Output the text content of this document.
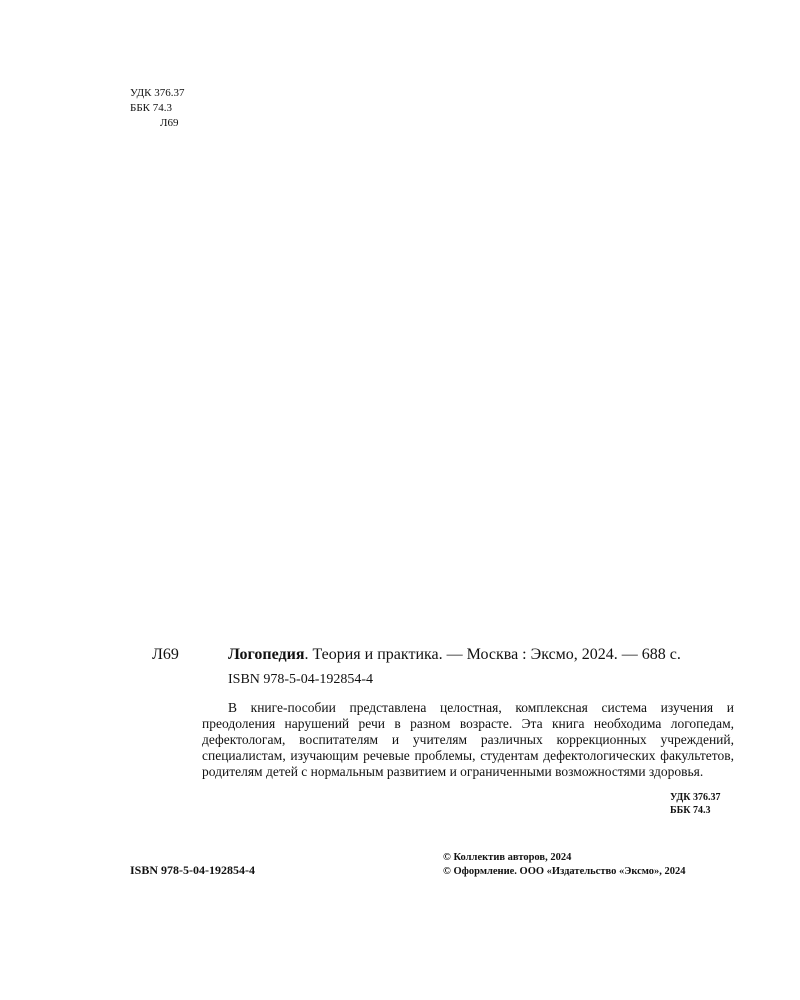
УДК 376.37
ББК 74.3
Л69
Л69	Логопедия. Теория и практика. — Москва : Эксмо, 2024. — 688 с.
ISBN 978-5-04-192854-4
В книге-пособии представлена целостная, комплексная система изучения и преодоления нарушений речи в разном возрасте. Эта книга необходима логопедам, дефектологам, воспитателям и учителям различных коррекционных учреждений, специалистам, изучающим речевые проблемы, студентам дефектологических факультетов, родителям детей с нормальным развитием и ограниченными возможностями здоровья.
УДК 376.37
ББК 74.3
ISBN 978-5-04-192854-4
© Коллектив авторов, 2024
© Оформление. ООО «Издательство «Эксмо», 2024
